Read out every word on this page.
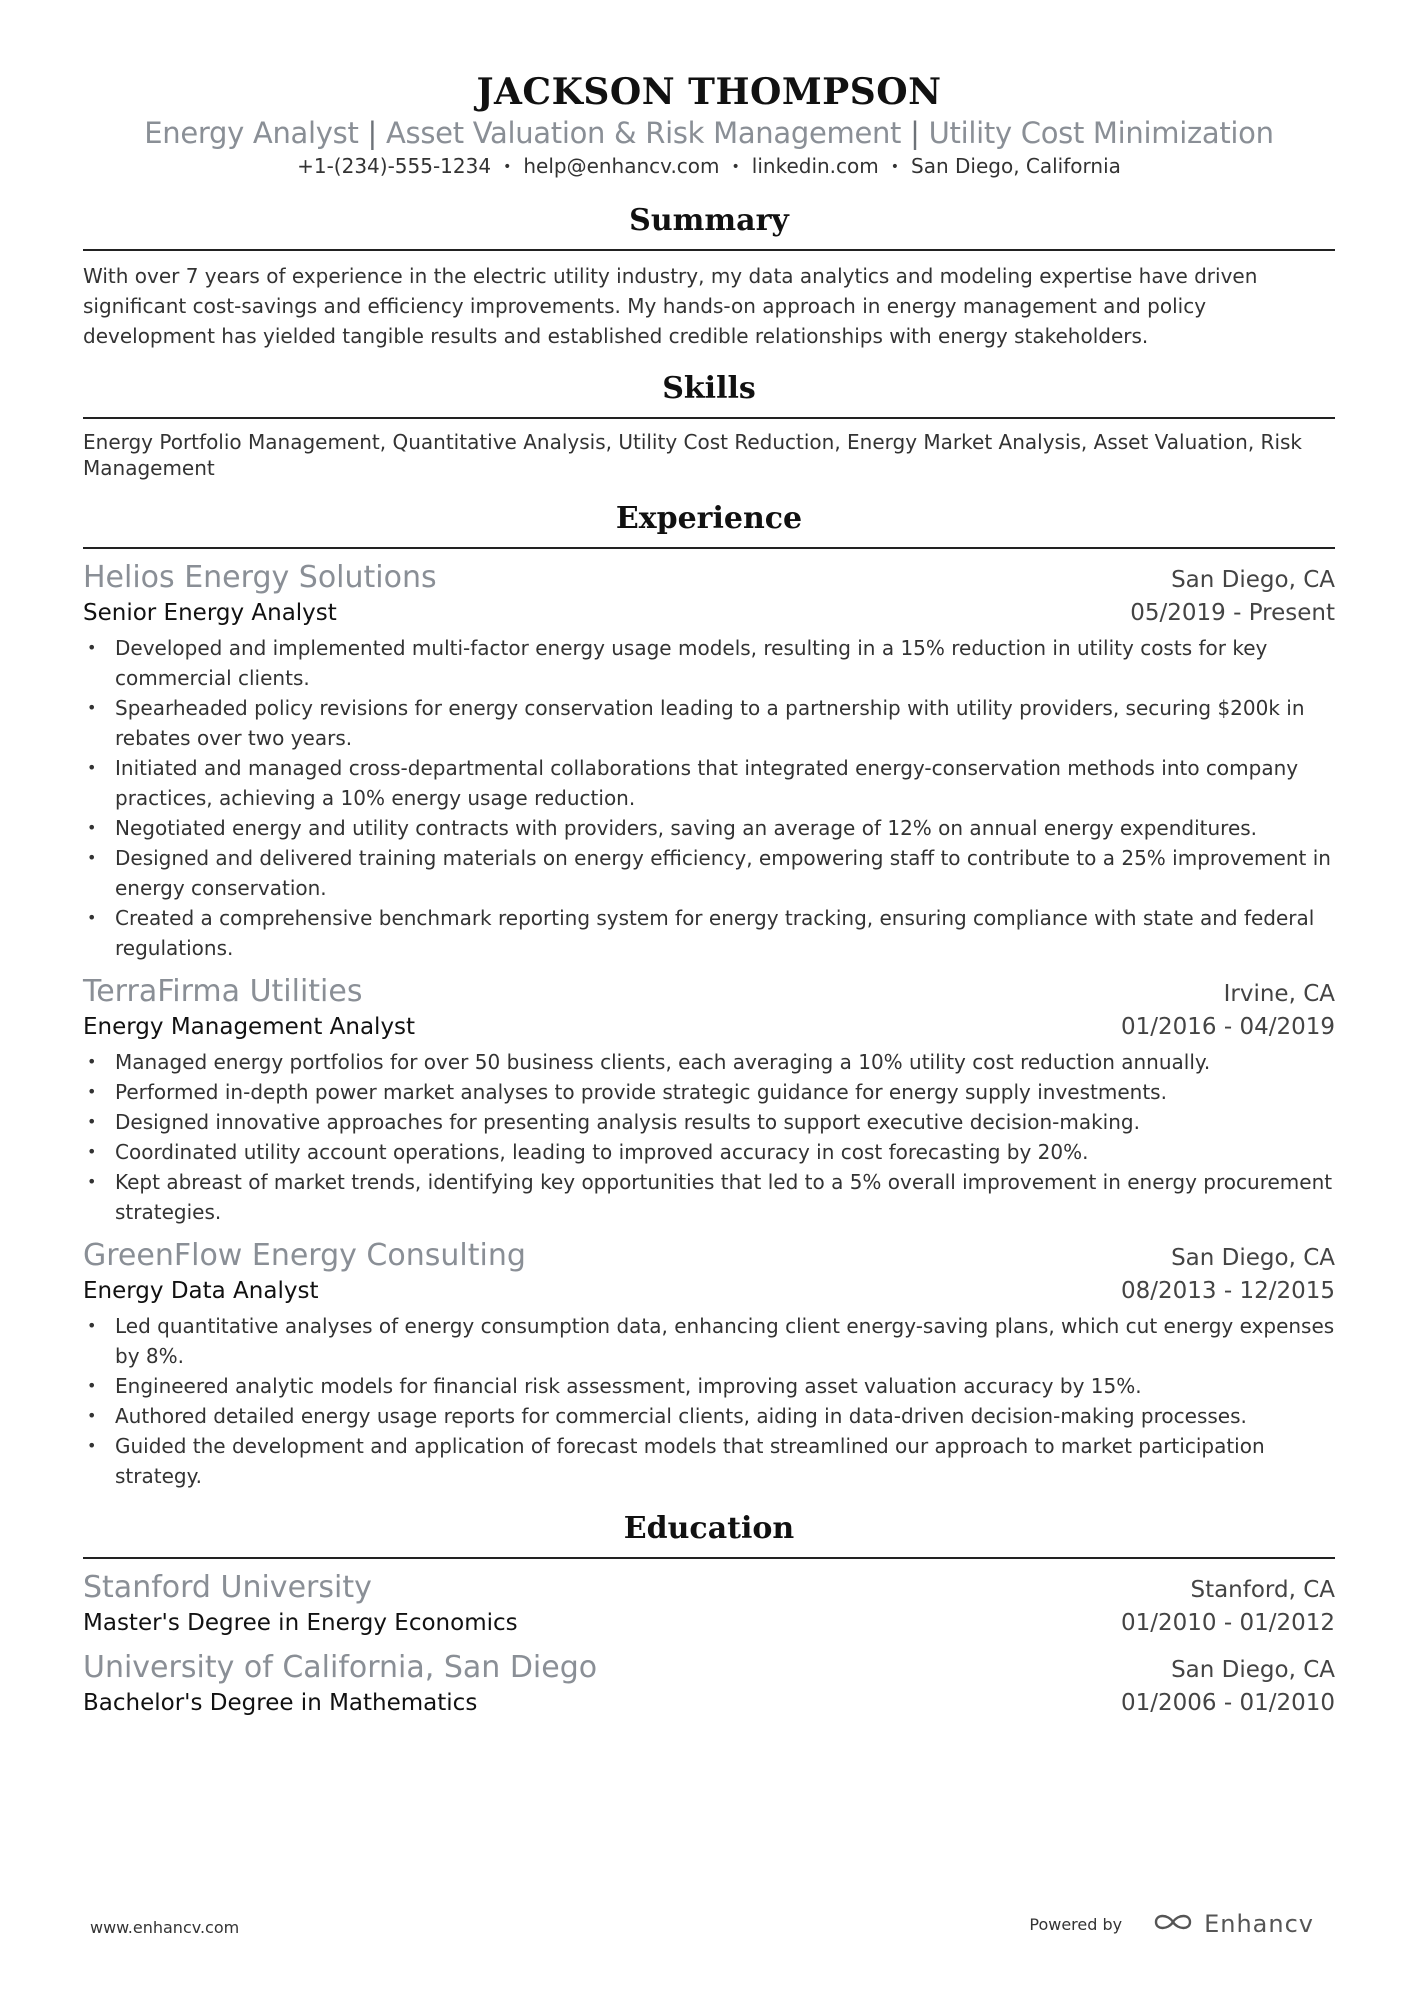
JACKSON THOMPSON
Energy Analyst | Asset Valuation & Risk Management | Utility Cost Minimization
+1-(234)-555-1234 • help@enhancv.com • linkedin.com • San Diego, California
Summary

With over 7 years of experience in the electric utility industry, my data analytics and modeling expertise have driven significant cost-savings and efficiency improvements. My hands-on approach in energy management and policy development has yielded tangible results and established credible relationships with energy stakeholders.

Skills

Energy Portfolio Management, Quantitative Analysis, Utility Cost Reduction, Energy Market Analysis, Asset Valuation, Risk Management

Experience
Helios Energy Solutions	San Diego, CA
Senior Energy Analyst	05/2019 - Present
• Developed and implemented multi-factor energy usage models, resulting in a 15% reduction in utility costs for key commercial clients.
• Spearheaded policy revisions for energy conservation leading to a partnership with utility providers, securing $200k in rebates over two years.
• Initiated and managed cross-departmental collaborations that integrated energy-conservation methods into company practices, achieving a 10% energy usage reduction.
• Negotiated energy and utility contracts with providers, saving an average of 12% on annual energy expenditures.
• Designed and delivered training materials on energy efficiency, empowering staff to contribute to a 25% improvement in energy conservation.
• Created a comprehensive benchmark reporting system for energy tracking, ensuring compliance with state and federal regulations.
TerraFirma Utilities	Irvine, CA
Energy Management Analyst	01/2016 - 04/2019
• Managed energy portfolios for over 50 business clients, each averaging a 10% utility cost reduction annually.
• Performed in-depth power market analyses to provide strategic guidance for energy supply investments.
• Designed innovative approaches for presenting analysis results to support executive decision-making.
• Coordinated utility account operations, leading to improved accuracy in cost forecasting by 20%.
• Kept abreast of market trends, identifying key opportunities that led to a 5% overall improvement in energy procurement strategies.
GreenFlow Energy Consulting	San Diego, CA
Energy Data Analyst	08/2013 - 12/2015
• Led quantitative analyses of energy consumption data, enhancing client energy-saving plans, which cut energy expenses by 8%.
• Engineered analytic models for financial risk assessment, improving asset valuation accuracy by 15%.
• Authored detailed energy usage reports for commercial clients, aiding in data-driven decision-making processes.
• Guided the development and application of forecast models that streamlined our approach to market participation strategy.
Education
Stanford University	Stanford, CA
Master's Degree in Energy Economics	01/2010 - 01/2012
University of California, San Diego	San Diego, CA
Bachelor's Degree in Mathematics	01/2006 - 01/2010
www.enhancv.com	Powered by	Enhancv
